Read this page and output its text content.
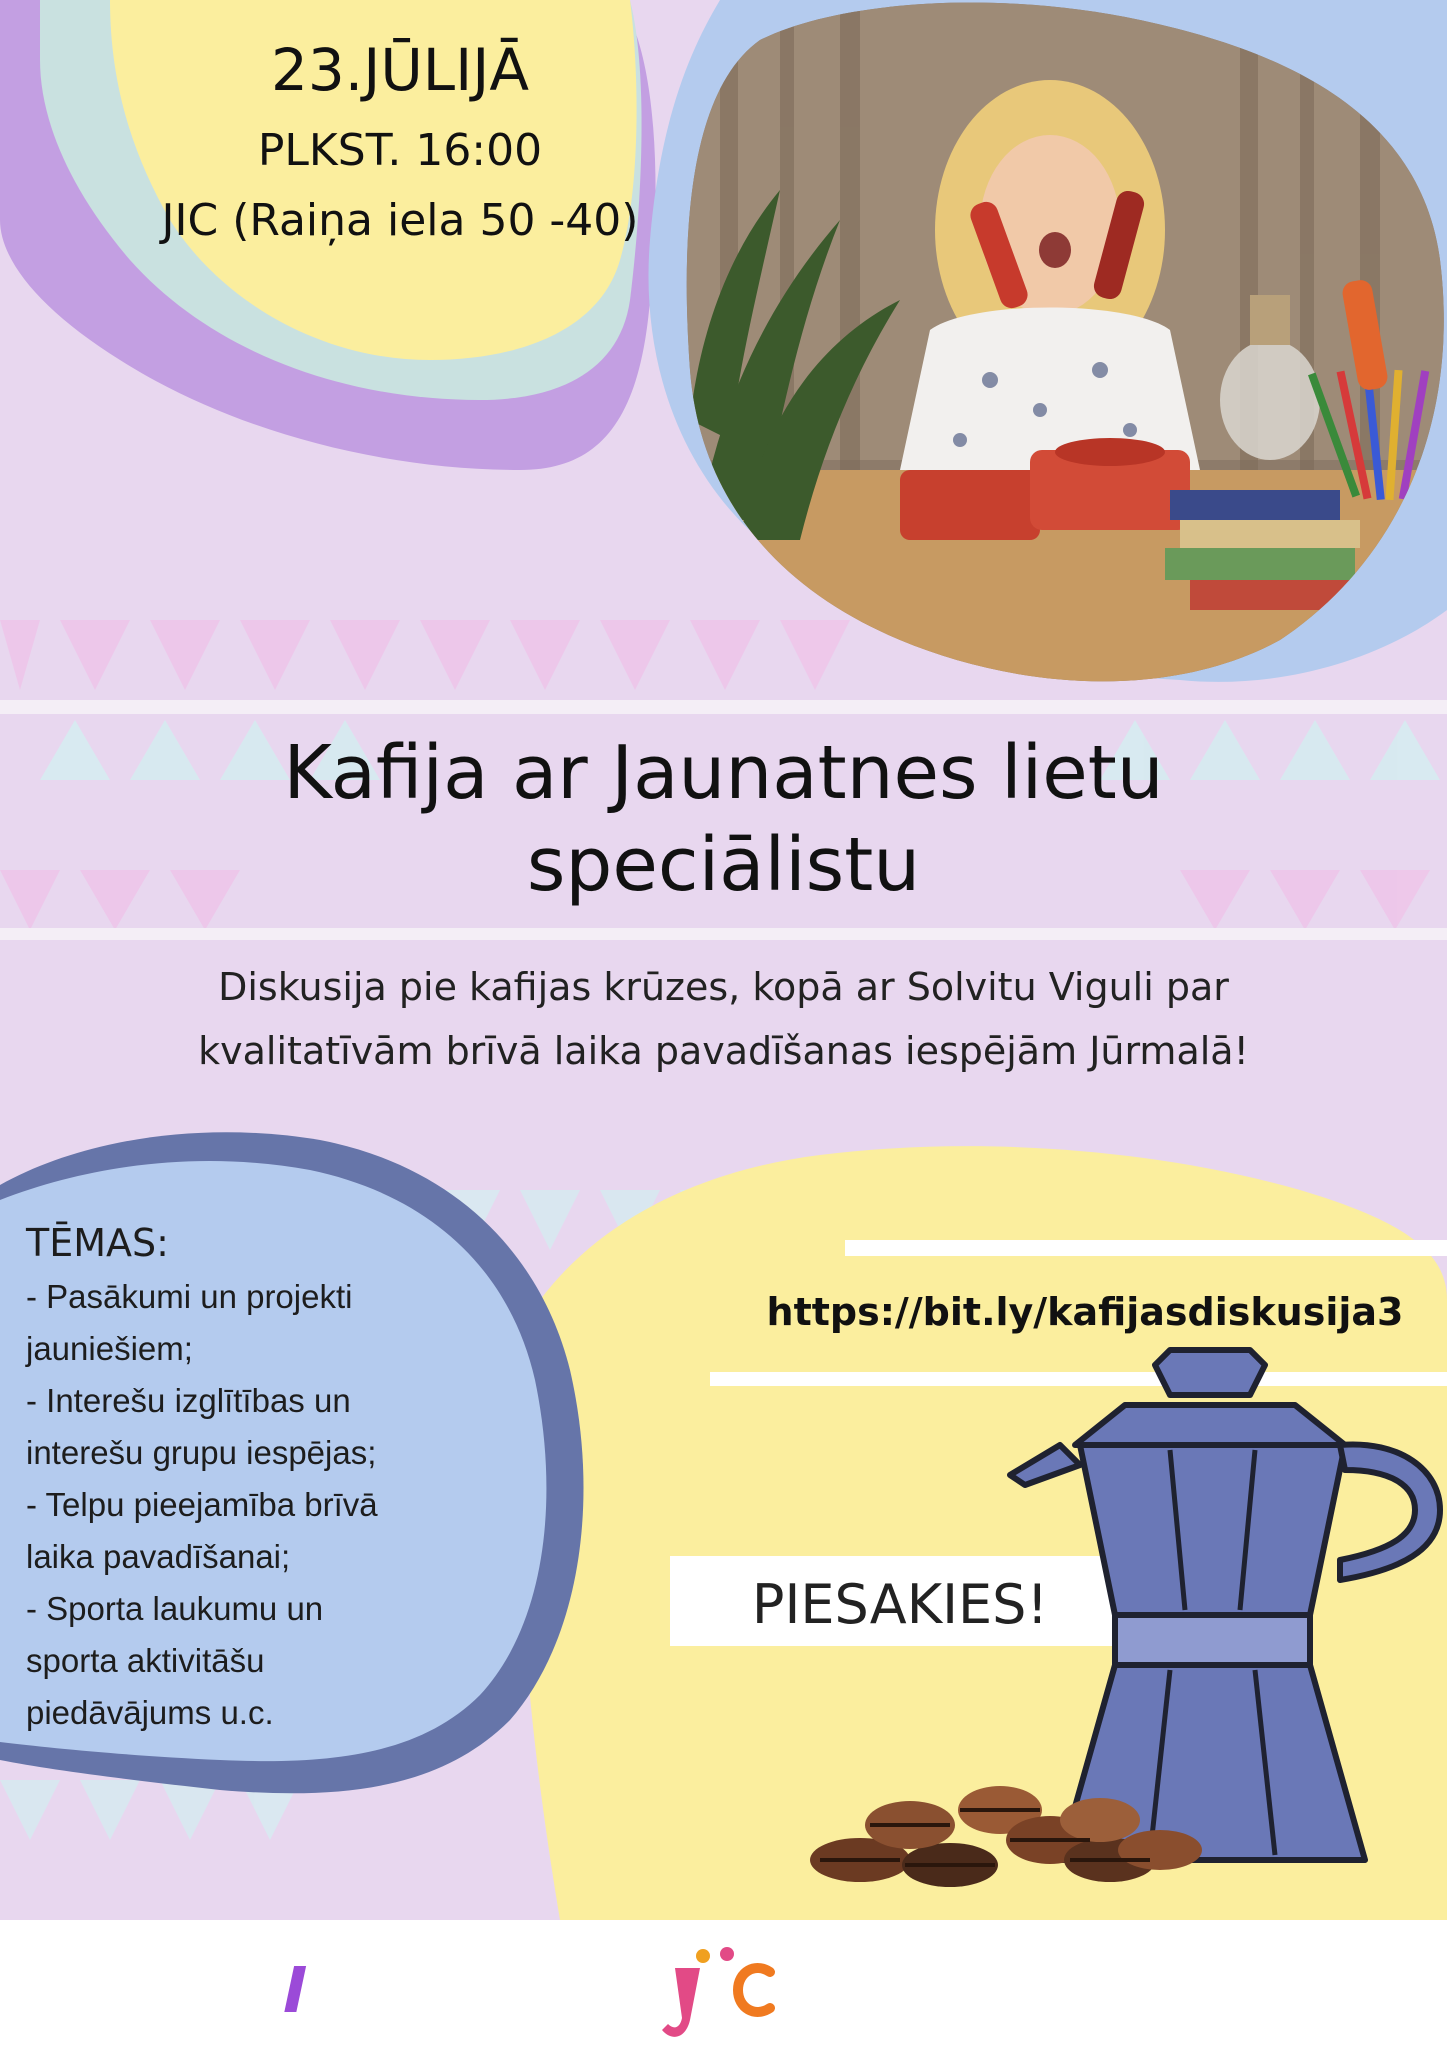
23.JŪLIJĀ
PLKST. 16:00
JIC (Raiņa iela 50 -40)
Kafija ar Jaunatnes lietu
speciālistu
Diskusija pie kafijas krūzes, kopā ar Solvitu Viguli par
kvalitatīvām brīvā laika pavadīšanas iespējām Jūrmalā!
TĒMAS:
- Pasākumi un projekti
jauniešiem;
- Interešu izglītības un
interešu grupu iespējas;
- Telpu pieejamība brīvā
laika pavadīšanai;
- Sporta laukumu un
sporta aktivitāšu
piedāvājums u.c.
https://bit.ly/kafijasdiskusija3
PIESAKIES!
